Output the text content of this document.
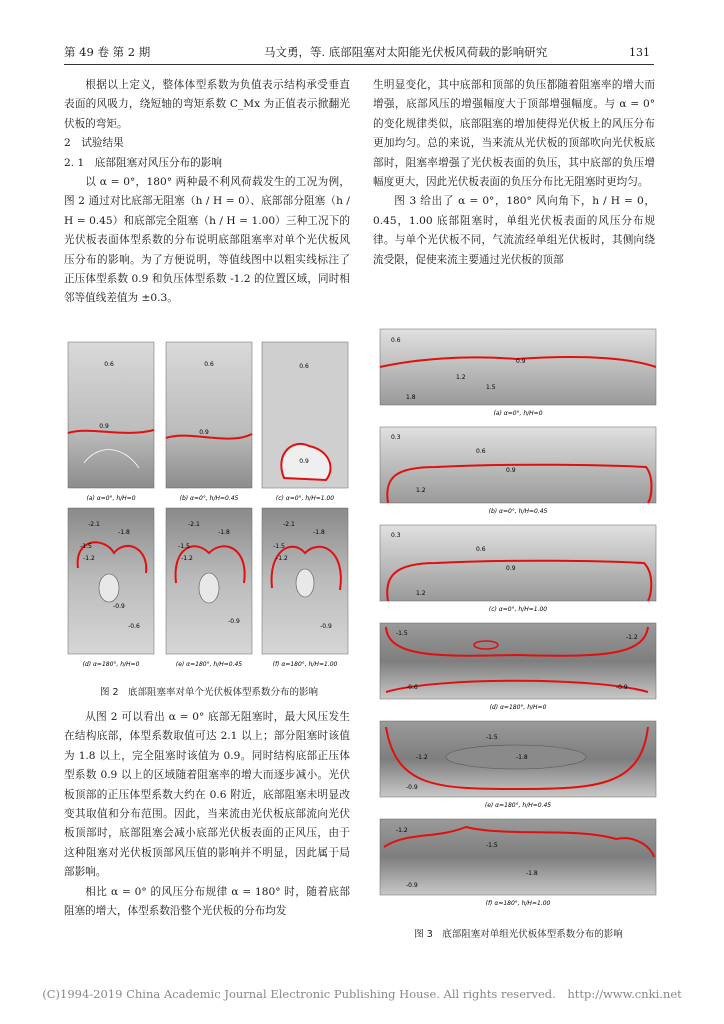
第 49 卷 第 2 期	马文勇，等. 底部阻塞对太阳能光伏板风荷载的影响研究	131

根据以上定义，整体体型系数为负值表示结构承受垂直表面的风吸力，绕短轴的弯矩系数 C_Mx 为正值表示掀翻光伏板的弯矩。

2　试验结果

2. 1　底部阻塞对风压分布的影响

以 α = 0°，180° 两种最不利风荷载发生的工况为例，图 2 通过对比底部无阻塞（h / H = 0）、底部部分阻塞（h / H = 0.45）和底部完全阻塞（h / H = 1.00）三种工况下的光伏板表面体型系数的分布说明底部阻塞率对单个光伏板风压分布的影响。为了方便说明，等值线图中以粗实线标注了正压体型系数 0.9 和负压体型系数 -1.2 的位置区域，同时相邻等值线差值为 ±0.3。

生明显变化，其中底部和顶部的负压都随着阻塞率的增大而增强，底部风压的增强幅度大于顶部增强幅度。与 α = 0° 的变化规律类似，底部阻塞的增加使得光伏板上的风压分布更加均匀。总的来说，当来流从光伏板的顶部吹向光伏板底部时，阻塞率增强了光伏板表面的负压，其中底部的负压增幅度更大，因此光伏板表面的负压分布比无阻塞时更均匀。

图 3 给出了 α = 0°，180° 风向角下，h / H = 0，0.45，1.00 底部阻塞时，单组光伏板表面的风压分布规律。与单个光伏板不同，气流流经单组光伏板时，其侧向绕流受限，促使来流主要通过光伏板的顶部

0.6
0.9
(a) α=0°, h/H=0
0.6
0.9
(b) α=0°, h/H=0.45
0.6
0.9
(c) α=0°, h/H=1.00
-2.1
-1.8
-1.5
-1.2
-0.9
-0.6
(d) α=180°, h/H=0
-2.1
-1.8
-1.5
-1.2
-0.9
(e) α=180°, h/H=0.45
-2.1
-1.8
-1.5
-1.2
-0.9
(f) α=180°, h/H=1.00
图 2　底部阻塞率对单个光伏板体型系数分布的影响

从图 2 可以看出 α = 0° 底部无阻塞时，最大风压发生在结构底部，体型系数取值可达 2.1 以上；部分阻塞时该值为 1.8 以上，完全阻塞时该值为 0.9。同时结构底部正压体型系数 0.9 以上的区域随着阻塞率的增大而逐步减小。光伏板顶部的正压体型系数大约在 0.6 附近，底部阻塞未明显改变其取值和分布范围。因此，当来流由光伏板底部流向光伏板顶部时，底部阻塞会减小底部光伏板表面的正风压，由于这种阻塞对光伏板顶部风压值的影响并不明显，因此属于局部影响。

相比 α = 0° 的风压分布规律 α = 180° 时，随着底部阻塞的增大，体型系数沿整个光伏板的分布均发

0.6
0.9
1.2
1.5
1.8
(a) α=0°, h/H=0
0.3
0.6
0.9
1.2
(b) α=0°, h/H=0.45
0.3
0.6
0.9
1.2
(c) α=0°, h/H=1.00
-1.5
-1.2
-0.9
-0.6
(d) α=180°, h/H=0
-1.5
-1.2	-1.8
-0.9
(e) α=180°, h/H=0.45
-1.2
-1.5
-1.8
-0.9
(f) α=180°, h/H=1.00
图 3　底部阻塞对单组光伏板体型系数分布的影响
(C)1994-2019 China Academic Journal Electronic Publishing House. All rights reserved.　http://www.cnki.net
